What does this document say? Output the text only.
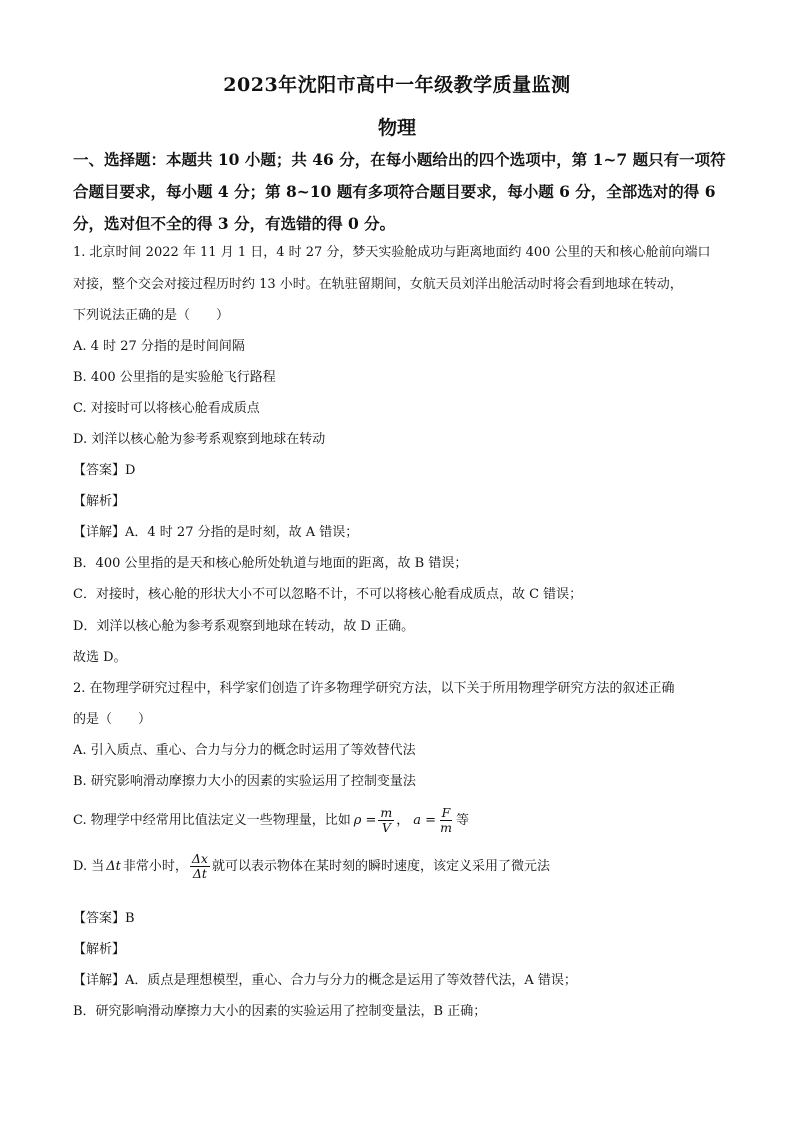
2023年沈阳市高中一年级教学质量监测
物理
一、选择题：本题共 10 小题；共 46 分，在每小题给出的四个选项中，第 1~7 题只有一项符
合题目要求，每小题 4 分；第 8~10 题有多项符合题目要求，每小题 6 分，全部选对的得 6
分，选对但不全的得 3 分，有选错的得 0 分。
1. 北京时间 2022 年 11 月 1 日，4 时 27 分，梦天实验舱成功与距离地面约 400 公里的天和核心舱前向端口
对接，整个交会对接过程历时约 13 小时。在轨驻留期间，女航天员刘洋出舱活动时将会看到地球在转动，
下列说法正确的是（　　）
A. 4 时 27 分指的是时间间隔
B. 400 公里指的是实验舱飞行路程
C. 对接时可以将核心舱看成质点
D. 刘洋以核心舱为参考系观察到地球在转动
【答案】D
【解析】
【详解】A．4 时 27 分指的是时刻，故 A 错误；
B．400 公里指的是天和核心舱所处轨道与地面的距离，故 B 错误；
C．对接时，核心舱的形状大小不可以忽略不计，不可以将核心舱看成质点，故 C 错误；
D．刘洋以核心舱为参考系观察到地球在转动，故 D 正确。
故选 D。
2. 在物理学研究过程中，科学家们创造了许多物理学研究方法，以下关于所用物理学研究方法的叙述正确
的是（　　）
A. 引入质点、重心、合力与分力的概念时运用了等效替代法
B. 研究影响滑动摩擦力大小的因素的实验运用了控制变量法
C. 物理学中经常用比值法定义一些物理量，比如 $\rho = \frac{m}{V}$ ， $a = \frac{F}{m}$ 等
D. 当 Δt 非常小时， $\frac{\Delta x}{\Delta t}$ 就可以表示物体在某时刻的瞬时速度，该定义采用了微元法
【答案】B
【解析】
【详解】A．质点是理想模型，重心、合力与分力的概念是运用了等效替代法，A 错误；
B．研究影响滑动摩擦力大小的因素的实验运用了控制变量法，B 正确；
